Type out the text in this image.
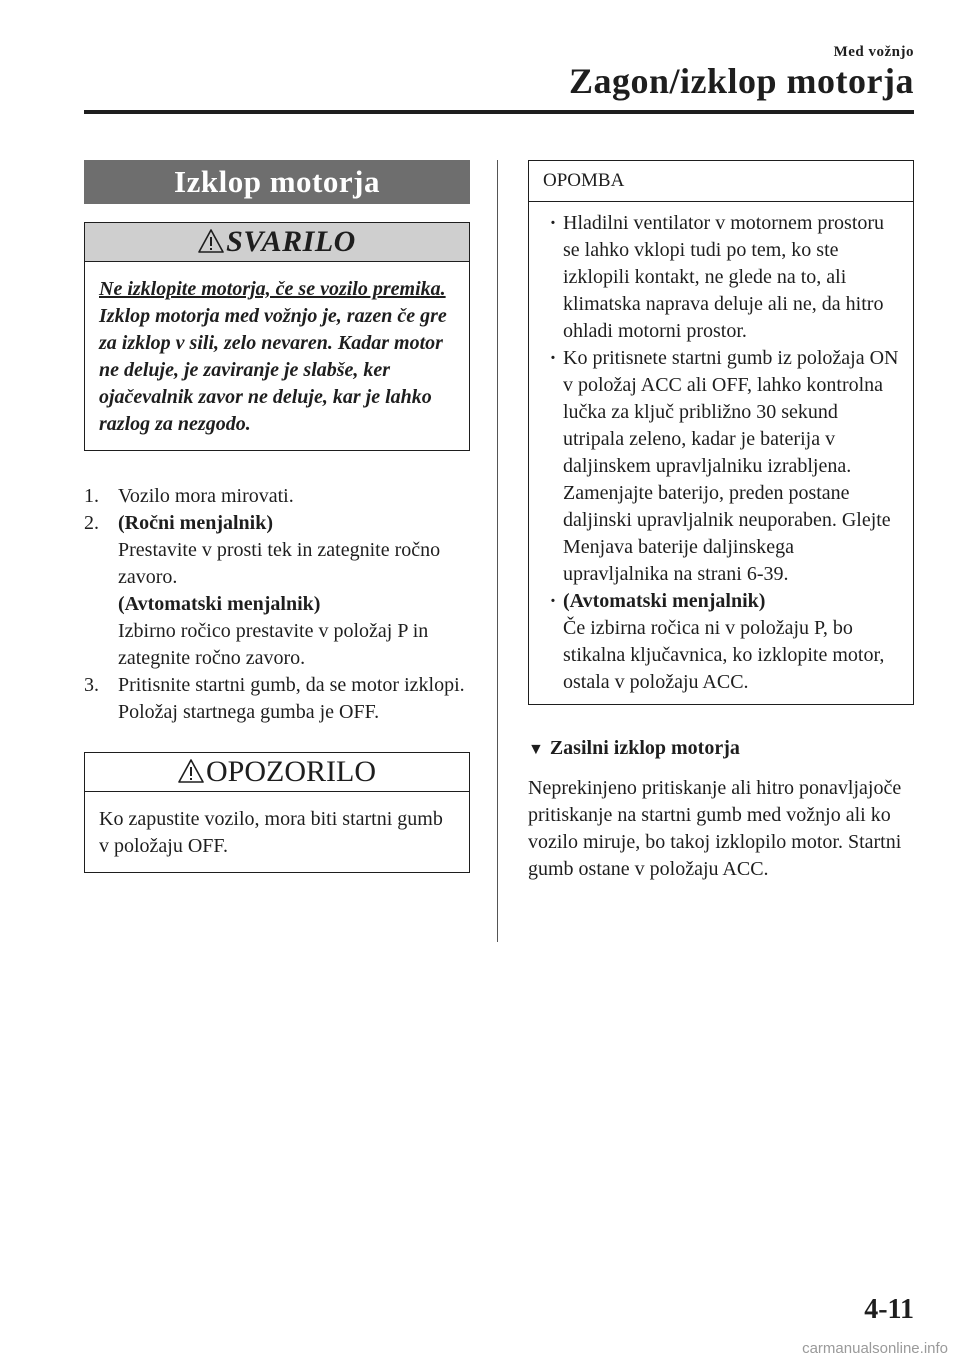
Med vožnjo
Zagon/izklop motorja
Izklop motorja
SVARILO
Ne izklopite motorja, če se vozilo premika.
Izklop motorja med vožnjo je, razen če gre za izklop v sili, zelo nevaren. Kadar motor ne deluje, je zaviranje je slabše, ker ojačevalnik zavor ne deluje, kar je lahko razlog za nezgodo.
1. Vozilo mora mirovati.
2. (Ročni menjalnik)
Prestavite v prosti tek in zategnite ročno zavoro.
(Avtomatski menjalnik)
Izbirno ročico prestavite v položaj P in zategnite ročno zavoro.
3. Pritisnite startni gumb, da se motor izklopi. Položaj startnega gumba je OFF.
OPOZORILO
Ko zapustite vozilo, mora biti startni gumb v položaju OFF.
OPOMBA
· Hladilni ventilator v motornem prostoru se lahko vklopi tudi po tem, ko ste izklopili kontakt, ne glede na to, ali klimatska naprava deluje ali ne, da hitro ohladi motorni prostor.
· Ko pritisnete startni gumb iz položaja ON v položaj ACC ali OFF, lahko kontrolna lučka za ključ približno 30 sekund utripala zeleno, kadar je baterija v daljinskem upravljalniku izrabljena.
Zamenjajte baterijo, preden postane daljinski upravljalnik neuporaben. Glejte Menjava baterije daljinskega upravljalnika na strani 6-39.
· (Avtomatski menjalnik)
Če izbirna ročica ni v položaju P, bo stikalna ključavnica, ko izklopite motor, ostala v položaju ACC.
▼ Zasilni izklop motorja
Neprekinjeno pritiskanje ali hitro ponavljajoče pritiskanje na startni gumb med vožnjo ali ko vozilo miruje, bo takoj izklopilo motor. Startni gumb ostane v položaju ACC.
4-11
carmanualsonline.info
